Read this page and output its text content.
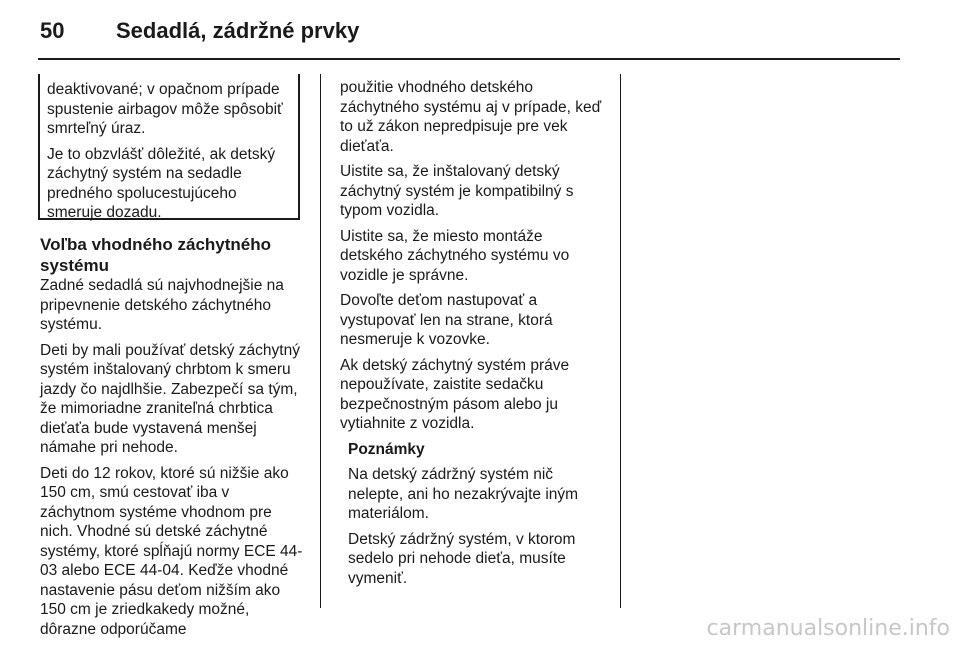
50 Sedadlá, zádržné prvky

deaktivované; v opačnom prípade spustenie airbagov môže spôsobiť smrteľný úraz.

Je to obzvlášť dôležité, ak detský záchytný systém na sedadle predného spolucestujúceho smeruje dozadu.

Voľba vhodného záchytného systému

Zadné sedadlá sú najvhodnejšie na pripevnenie detského záchytného systému.

Deti by mali používať detský záchytný systém inštalovaný chrbtom k smeru jazdy čo najdlhšie. Zabezpečí sa tým, že mimoriadne zraniteľná chrbtica dieťaťa bude vystavená menšej námahe pri nehode.

Deti do 12 rokov, ktoré sú nižšie ako 150 cm, smú cestovať iba v záchytnom systéme vhodnom pre nich. Vhodné sú detské záchytné systémy, ktoré spĺňajú normy ECE 44-03 alebo ECE 44-04. Keďže vhodné nastavenie pásu deťom nižším ako 150 cm je zriedkakedy možné, dôrazne odporúčame

použitie vhodného detského záchytného systému aj v prípade, keď to už zákon nepredpisuje pre vek dieťaťa.

Uistite sa, že inštalovaný detský záchytný systém je kompatibilný s typom vozidla.

Uistite sa, že miesto montáže detského záchytného systému vo vozidle je správne.

Dovoľte deťom nastupovať a vystupovať len na strane, ktorá nesmeruje k vozovke.

Ak detský záchytný systém práve nepoužívate, zaistite sedačku bezpečnostným pásom alebo ju vytiahnite z vozidla.

Poznámky

Na detský zádržný systém nič nelepte, ani ho nezakrývajte iným materiálom.

Detský zádržný systém, v ktorom sedelo pri nehode dieťa, musíte vymeniť.

carmanualsonline.info
